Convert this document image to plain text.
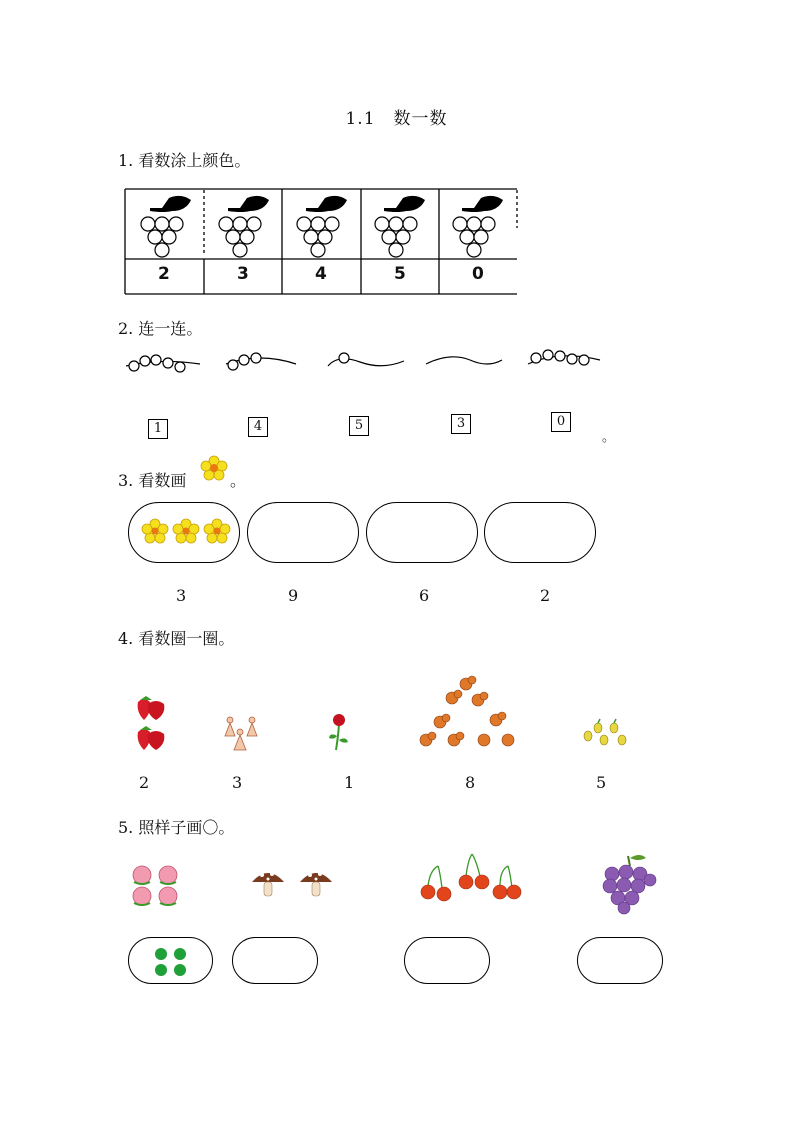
1.1　数一数
1. 看数涂上颜色。
2	3	4	5	0
2. 连一连。
1	4	5	3	0
。
3. 看数画	。
3	9	6	2
4. 看数圈一圈。
2	3	1	8	5
5. 照样子画〇。
